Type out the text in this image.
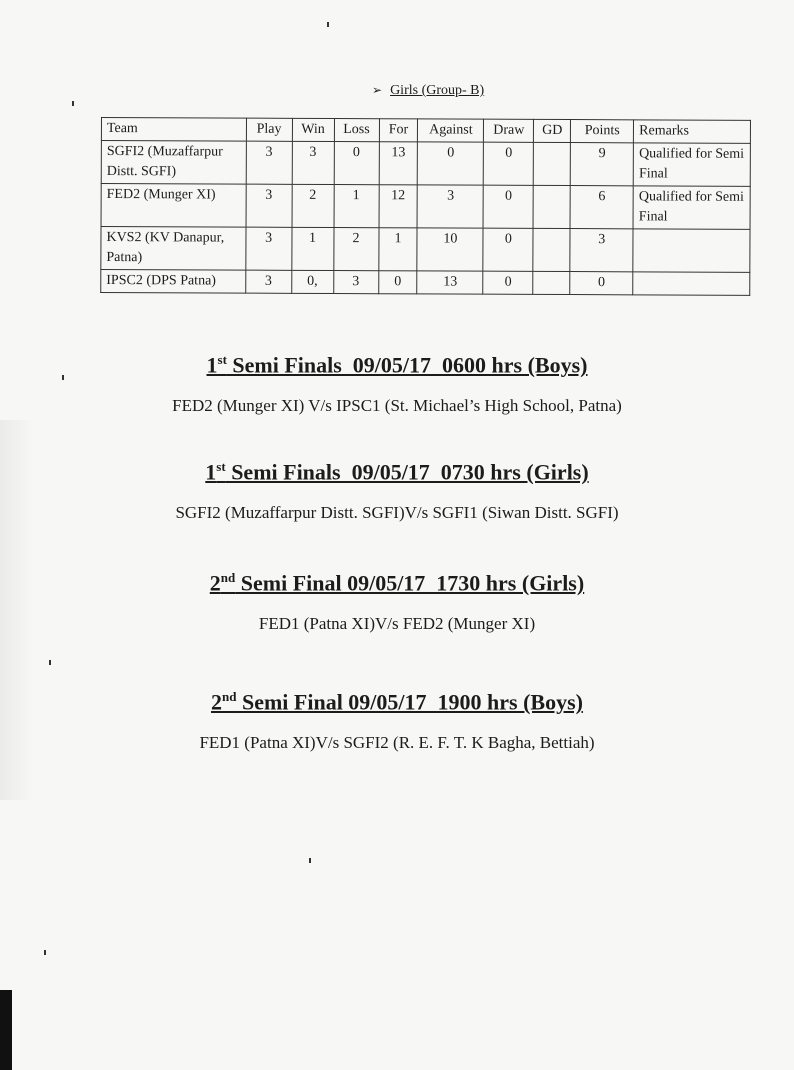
➢ Girls (Group- B)
Team	Play	Win	Loss	For	Against	Draw	GD	Points	Remarks
SGFI2 (Muzaffarpur Distt. SGFI)	3	3	0	13	0	0		9	Qualified for Semi Final
FED2 (Munger XI)	3	2	1	12	3	0		6	Qualified for Semi Final
KVS2 (KV Danapur, Patna)	3	1	2	1	10	0		3	
IPSC2 (DPS Patna)	3	0,	3	0	13	0		0	
1st Semi Finals  09/05/17  0600 hrs (Boys)
FED2 (Munger XI) V/s IPSC1 (St. Michael’s High School, Patna)
1st Semi Finals  09/05/17  0730 hrs (Girls)
SGFI2 (Muzaffarpur Distt. SGFI)V/s SGFI1 (Siwan Distt. SGFI)
2nd Semi Final 09/05/17  1730 hrs (Girls)
FED1 (Patna XI)V/s FED2 (Munger XI)
2nd Semi Final 09/05/17  1900 hrs (Boys)
FED1 (Patna XI)V/s SGFI2 (R. E. F. T. K Bagha, Bettiah)
